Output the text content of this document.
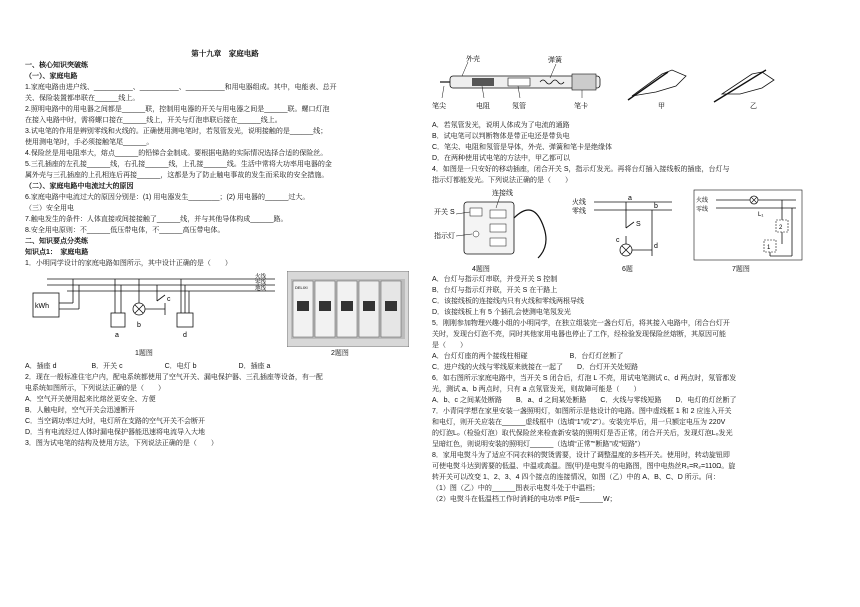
第十九章　家庭电路
一、核心知识突破练
（一）、家庭电路
1.家庭电路由进户线、__________、__________、__________和用电器组成。其中，电能表、总开
关、保险装置都串联在______线上。
2.照明电路中的用电器之间都是______联，控制用电器的开关与用电器之间是______联。螺口灯泡
在接入电路中时，需将螺口接在______线上，开关与灯泡串联后接在______线上。
3.试电笔的作用是辨别零线和火线的。正确使用测电笔时，若氖管发光，说明接触的是______线；
使用测电笔时，手必须接触笔尾______。
4.保险丝是用电阻率大，熔点______的铅锑合金制成。要根据电路的实际情况选择合适的保险丝。
5.三孔插座的左孔接______线，右孔接______线，上孔接______线。生活中常将大功率用电器的金
属外壳与三孔插座的上孔相连后再接______，这都是为了防止触电事故的发生而采取的安全措施。
（二）、家庭电路中电流过大的原因
6.家庭电路中电流过大的原因分别是：(1) 用电器发生________；(2) 用电器的______过大。
（三）安全用电
7.触电发生的条件：人体直接或间接接触了______线，并与其他导体构成______路。
8.安全用电原则：不______低压带电体，不______高压带电体。
二、知识要点分类练
知识点1：　家庭电路
1．小明同学设计的家庭电路如图所示，其中设计正确的是（　　）
kWh
a
b
c
d
火线
零线
地线
1题图
DELIXI
2题图
A．插座 d　　　　　B．开关 c　　　　　　C．电灯 b　　　　　　D．插座 a
2．现在一般标准住宅户内，配电系统都使用了空气开关、漏电保护器、三孔插座等设备，有一配
电系统如图所示，下列说法正确的是（　　）
A．空气开关使用起来比熔丝更安全、方便
B．人触电时，空气开关会迅速断开
C．当空调功率过大时，电灯所在支路的空气开关不会断开
D．当有电流经过人体时漏电保护器能迅速将电流导入大地
3．图为试电笔的结构及使用方法，下列说法正确的是（　　）
外壳	弹簧
笔尖	电阻	氖管	笔卡	甲	乙
A．若氖管发光，说明人体成为了电流的通路
B．试电笔可以判断物体是带正电还是带负电
C．笔尖、电阻和氖管是导体，外壳、弹簧和笔卡是绝缘体
D．在两种使用试电笔的方法中，甲乙都可以
4．如图是一只安好的移动插座，闭合开关 S，指示灯发光。再将台灯插入接线板的插座，台灯与
指示灯都能发光。下列说法正确的是（　　）
连接线
开关 S
指示灯
4题图
火线
零线
a
b
c
d
S
6题
火线
零线
L₁
2
1
7题图
A．台灯与指示灯串联，并受开关 S 控制
B．台灯与指示灯并联，开关 S 在干路上
C．该接线板的连接线内只有火线和零线两根导线
D．该接线板上有 5 个插孔会使测电笔氖发光
5．刚刚参加物理兴趣小组的小明同学，在独立组装完一盏台灯后，将其接入电路中，闭合台灯开
关时，发现台灯泡不亮，同时其他家用电器也停止了工作，经检验发现保险丝熔断，其原因可能
是（　　）
A．台灯灯座的两个接线柱相碰　　　　　　B．台灯灯丝断了
C．进户线的火线与零线原来就接在一起了　　D．台灯开关处短路
6．如右图所示家庭电路中，当开关 S 闭合后，灯泡 L 不亮，用试电笔测试 c、d 两点时，氖管都发
光，测试 a、b 两点时，只有 a 点氖管发光，则故障可能是（　　）
A．b、c 之间某处断路　　B．a、d 之间某处断路　　C．火线与零线短路　　D．电灯的灯丝断了
7．小青同学想在家里安装一盏照明灯，如图所示是他设计的电路。图中虚线框 1 和 2 应连入开关
和电灯，则开关应装在______虚线框中（选填“1”或“2”）。安装完毕后，用一只额定电压为 220V
的灯泡L₀（检验灯泡）取代保险丝来检查新安装的照明灯是否正常，闭合开关后，发现灯泡L₀发光
呈暗红色，则说明安装的照明灯______（选填“正常”“断路”或“短路”）
8．家用电熨斗为了适应不同衣料的熨烫需要，设计了调整温度的多档开关。使用时，转动旋钮即
可使电熨斗达到需要的低温、中温或高温。图(甲)是电熨斗的电路图，图中电热丝R₁=R₂=110Ω。旋
转开关可以改变 1、2、3、4 四个接点的连接情况，如图（乙）中的 A、B、C、D 所示。问：
（1）图（乙）中的______图表示电熨斗处于中温档；
（2）电熨斗在低温档工作时消耗的电功率 P低=______W；
